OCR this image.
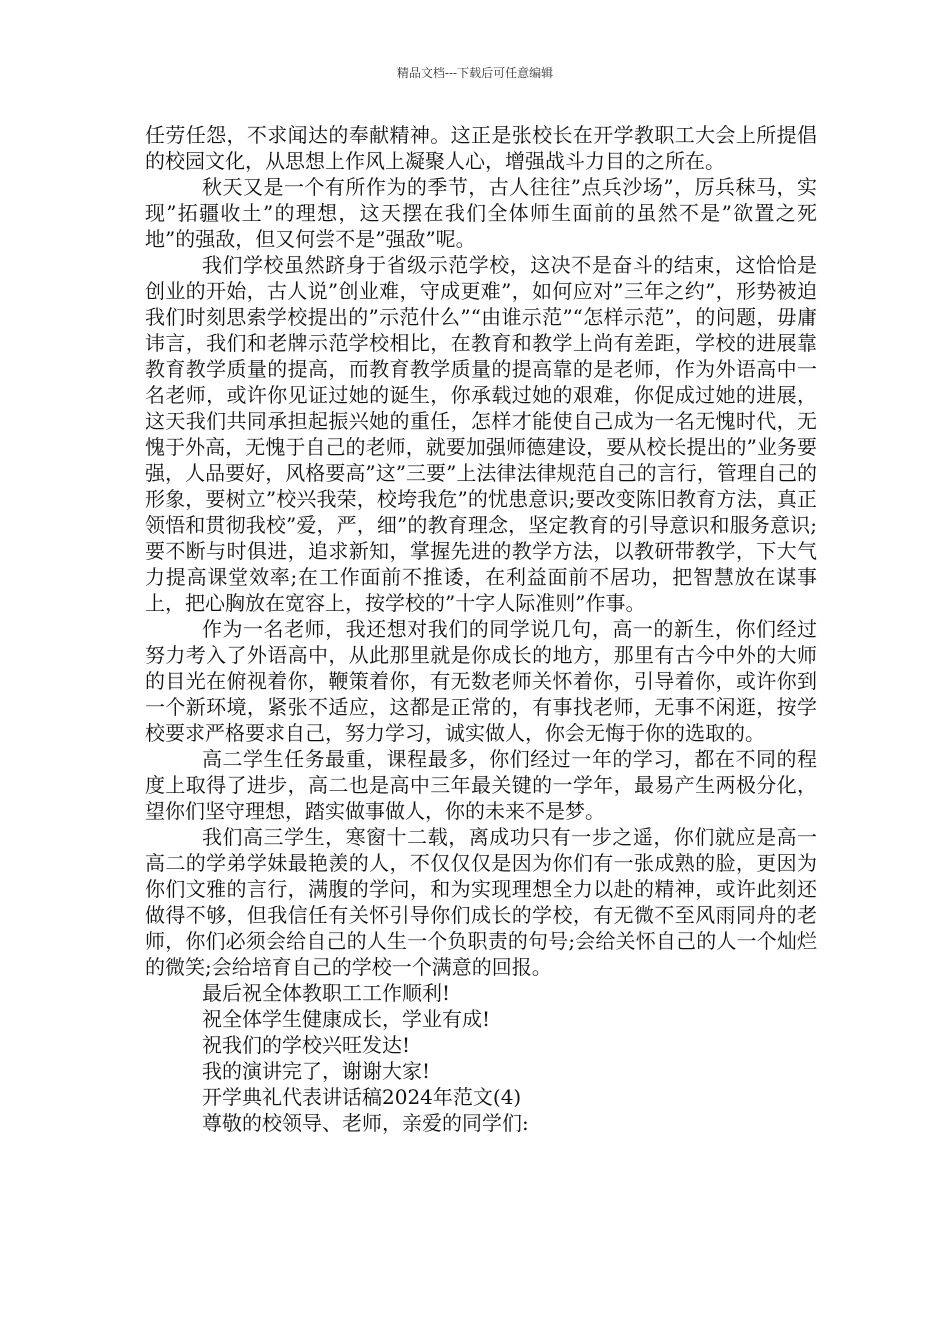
精品文档---下载后可任意编辑

任劳任怨，不求闻达的奉献精神。这正是张校长在开学教职工大会上所提倡的校园文化，从思想上作风上凝聚人心，增强战斗力目的之所在。

秋天又是一个有所作为的季节，古人往往”点兵沙场”，厉兵秣马，实现”拓疆收土”的理想，这天摆在我们全体师生面前的虽然不是”欲置之死地”的强敌，但又何尝不是”强敌”呢。

我们学校虽然跻身于省级示范学校，这决不是奋斗的结束，这恰恰是创业的开始，古人说”创业难，守成更难”，如何应对”三年之约”，形势被迫我们时刻思索学校提出的”示范什么”“由谁示范”“怎样示范”，的问题，毋庸讳言，我们和老牌示范学校相比，在教育和教学上尚有差距，学校的进展靠教育教学质量的提高，而教育教学质量的提高靠的是老师，作为外语高中一名老师，或许你见证过她的诞生，你承载过她的艰难，你促成过她的进展，这天我们共同承担起振兴她的重任，怎样才能使自己成为一名无愧时代，无愧于外高，无愧于自己的老师，就要加强师德建设，要从校长提出的”业务要强，人品要好，风格要高”这”三要”上法律法律规范自己的言行，管理自己的形象，要树立”校兴我荣，校垮我危”的忧患意识;要改变陈旧教育方法，真正领悟和贯彻我校”爱，严，细”的教育理念，坚定教育的引导意识和服务意识;要不断与时俱进，追求新知，掌握先进的教学方法，以教研带教学，下大气力提高课堂效率;在工作面前不推诿，在利益面前不居功，把智慧放在谋事上，把心胸放在宽容上，按学校的”十字人际准则”作事。

作为一名老师，我还想对我们的同学说几句，高一的新生，你们经过努力考入了外语高中，从此那里就是你成长的地方，那里有古今中外的大师的目光在俯视着你，鞭策着你，有无数老师关怀着你，引导着你，或许你到一个新环境，紧张不适应，这都是正常的，有事找老师，无事不闲逛，按学校要求严格要求自己，努力学习，诚实做人，你会无悔于你的选取的。

高二学生任务最重，课程最多，你们经过一年的学习，都在不同的程度上取得了进步，高二也是高中三年最关键的一学年，最易产生两极分化，望你们坚守理想，踏实做事做人，你的未来不是梦。

我们高三学生，寒窗十二载，离成功只有一步之遥，你们就应是高一高二的学弟学妹最艳羡的人，不仅仅仅是因为你们有一张成熟的脸，更因为你们文雅的言行，满腹的学问，和为实现理想全力以赴的精神，或许此刻还做得不够，但我信任有关怀引导你们成长的学校，有无微不至风雨同舟的老师，你们必须会给自己的人生一个负职责的句号;会给关怀自己的人一个灿烂的微笑;会给培育自己的学校一个满意的回报。

最后祝全体教职工工作顺利!

祝全体学生健康成长，学业有成!

祝我们的学校兴旺发达!

我的演讲完了，谢谢大家!

开学典礼代表讲话稿2024年范文(4)

尊敬的校领导、老师，亲爱的同学们:
